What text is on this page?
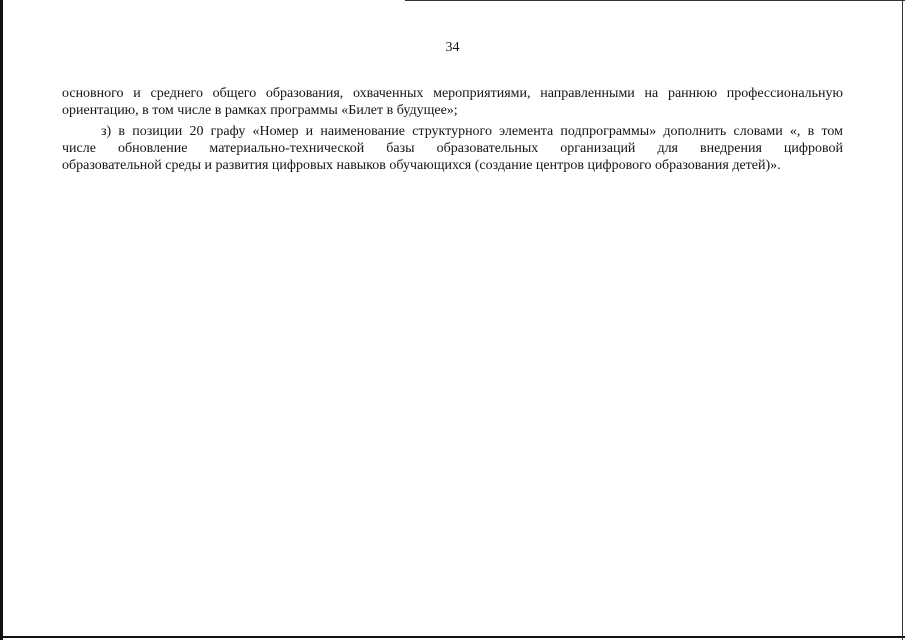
34
основного и среднего общего образования, охваченных мероприятиями, направленными на раннюю профессиональную
ориентацию, в том числе в рамках программы «Билет в будущее»;
з) в позиции 20 графу «Номер и наименование структурного элемента подпрограммы» дополнить словами «, в том
числе обновление материально-технической базы образовательных организаций для внедрения цифровой
образовательной среды и развития цифровых навыков обучающихся (создание центров цифрового образования детей)».
